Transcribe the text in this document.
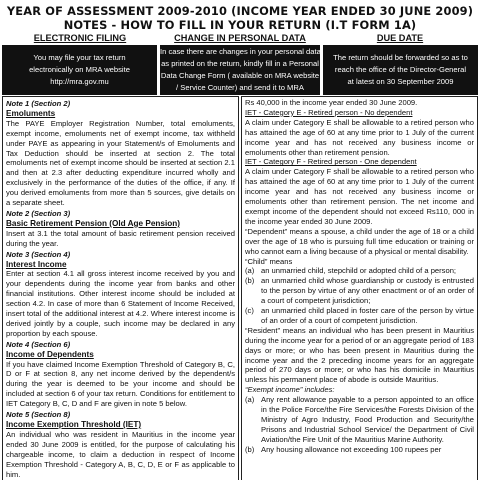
YEAR OF ASSESSMENT 2009-2010 (INCOME YEAR ENDED 30 JUNE 2009)
NOTES - HOW TO FILL IN YOUR RETURN (I.T FORM 1A)
ELECTRONIC FILING	CHANGE IN PERSONAL DATA	DUE DATE
You may file your tax return
electronically on MRA website
http://mra.gov.mu
In case there are changes in your personal data
as printed on the return, kindly fill in a Personal
Data Change Form ( available on MRA website
/ Service Counter) and send it to MRA
The return should be forwarded so as to
reach the office of the Director-General
at latest on 30 September 2009

Note 1 (Section 2)

Emoluments

The PAYE Employer Registration Number, total emoluments, exempt income, emoluments net of exempt income, tax withheld under PAYE as appearing in your Statement/s of Emoluments and Tax Deduction should be inserted at section 2. The total emoluments net of exempt income should be inserted at section 2.1 and then at 2.3 after deducting expenditure incurred wholly and exclusively in the performance of the duties of the office, if any. If you derived emoluments from more than 5 sources, give details on a separate sheet.

Note 2 (Section 3)

Basic Retirement Pension (Old Age Pension)

Insert at 3.1 the total amount of basic retirement pension received during the year.

Note 3 (Section 4)

Interest Income

Enter at section 4.1 all gross interest income received by you and your dependents during the income year from banks and other financial institutions. Other interest income should be included at section 4.2. In case of more than 6 Statement of Income Received, insert total of the additional interest at 4.2. Where interest income is derived jointly by a couple, such income may be declared in any proportion by each spouse.

Note 4 (Section 6)

Income of Dependents

If you have claimed Income Exemption Threshold of Category B, C, D or F at section 8, any net income derived by the dependent/s during the year is deemed to be your income and should be included at section 6 of your tax return. Conditions for entitlement to IET Category B, C, D and F are given in note 5 below.

Note 5 (Section 8)

Income Exemption Threshold (IET)

An individual who was resident in Mauritius in the income year ended 30 June 2009 is entitled, for the purpose of calculating his chargeable income, to claim a deduction in respect of Income Exemption Threshold - Category A, B, C, D, E or F as applicable to him.

Rs 40,000 in the income year ended 30 June 2009.

IET - Category E - Retired person - No dependent

A claim under Category E shall be allowable to a retired person who has attained the age of 60 at any time prior to 1 July of the current income year and has not received any business income or emoluments other than retirement pension.

IET - Category F - Retired person - One dependent

A claim under Category F shall be allowable to a retired person who has attained the age of 60 at any time prior to 1 July of the current income year and has not received any business income or emoluments other than retirement pension. The net income and exempt income of the dependent should not exceed Rs110, 000 in the income year ended 30 June 2009.

“Dependent” means a spouse, a child under the age of 18 or a child over the age of 18 who is pursuing full time education or training or who cannot earn a living because of a physical or mental disability.

“Child” means

(a) an unmarried child, stepchild or adopted child of a person;
(b) an unmarried child whose guardianship or custody is entrusted to the person by virtue of any other enactment or of an order of a court of competent jurisdiction;
(c) an unmarried child placed in foster care of the person by virtue of an order of a court of competent jurisdiction.

“Resident” means an individual who has been present in Mauritius during the income year for a period of or an aggregate period of 183 days or more; or who has been present in Mauritius during the income year and the 2 preceding income years for an aggregate period of 270 days or more; or who has his domicile in Mauritius unless his permanent place of abode is outside Mauritius.

“Exempt income” includes:

(a) Any rent allowance payable to a person appointed to an office in the Police Force/the Fire Services/the Forests Division of the Ministry of Agro Industry, Food Production and Security/the Prisons and Industrial School Service/ the Department of Civil Aviation/the Fire Unit of the Mauritius Marine Authority.
(b) Any housing allowance not exceeding 100 rupees per
